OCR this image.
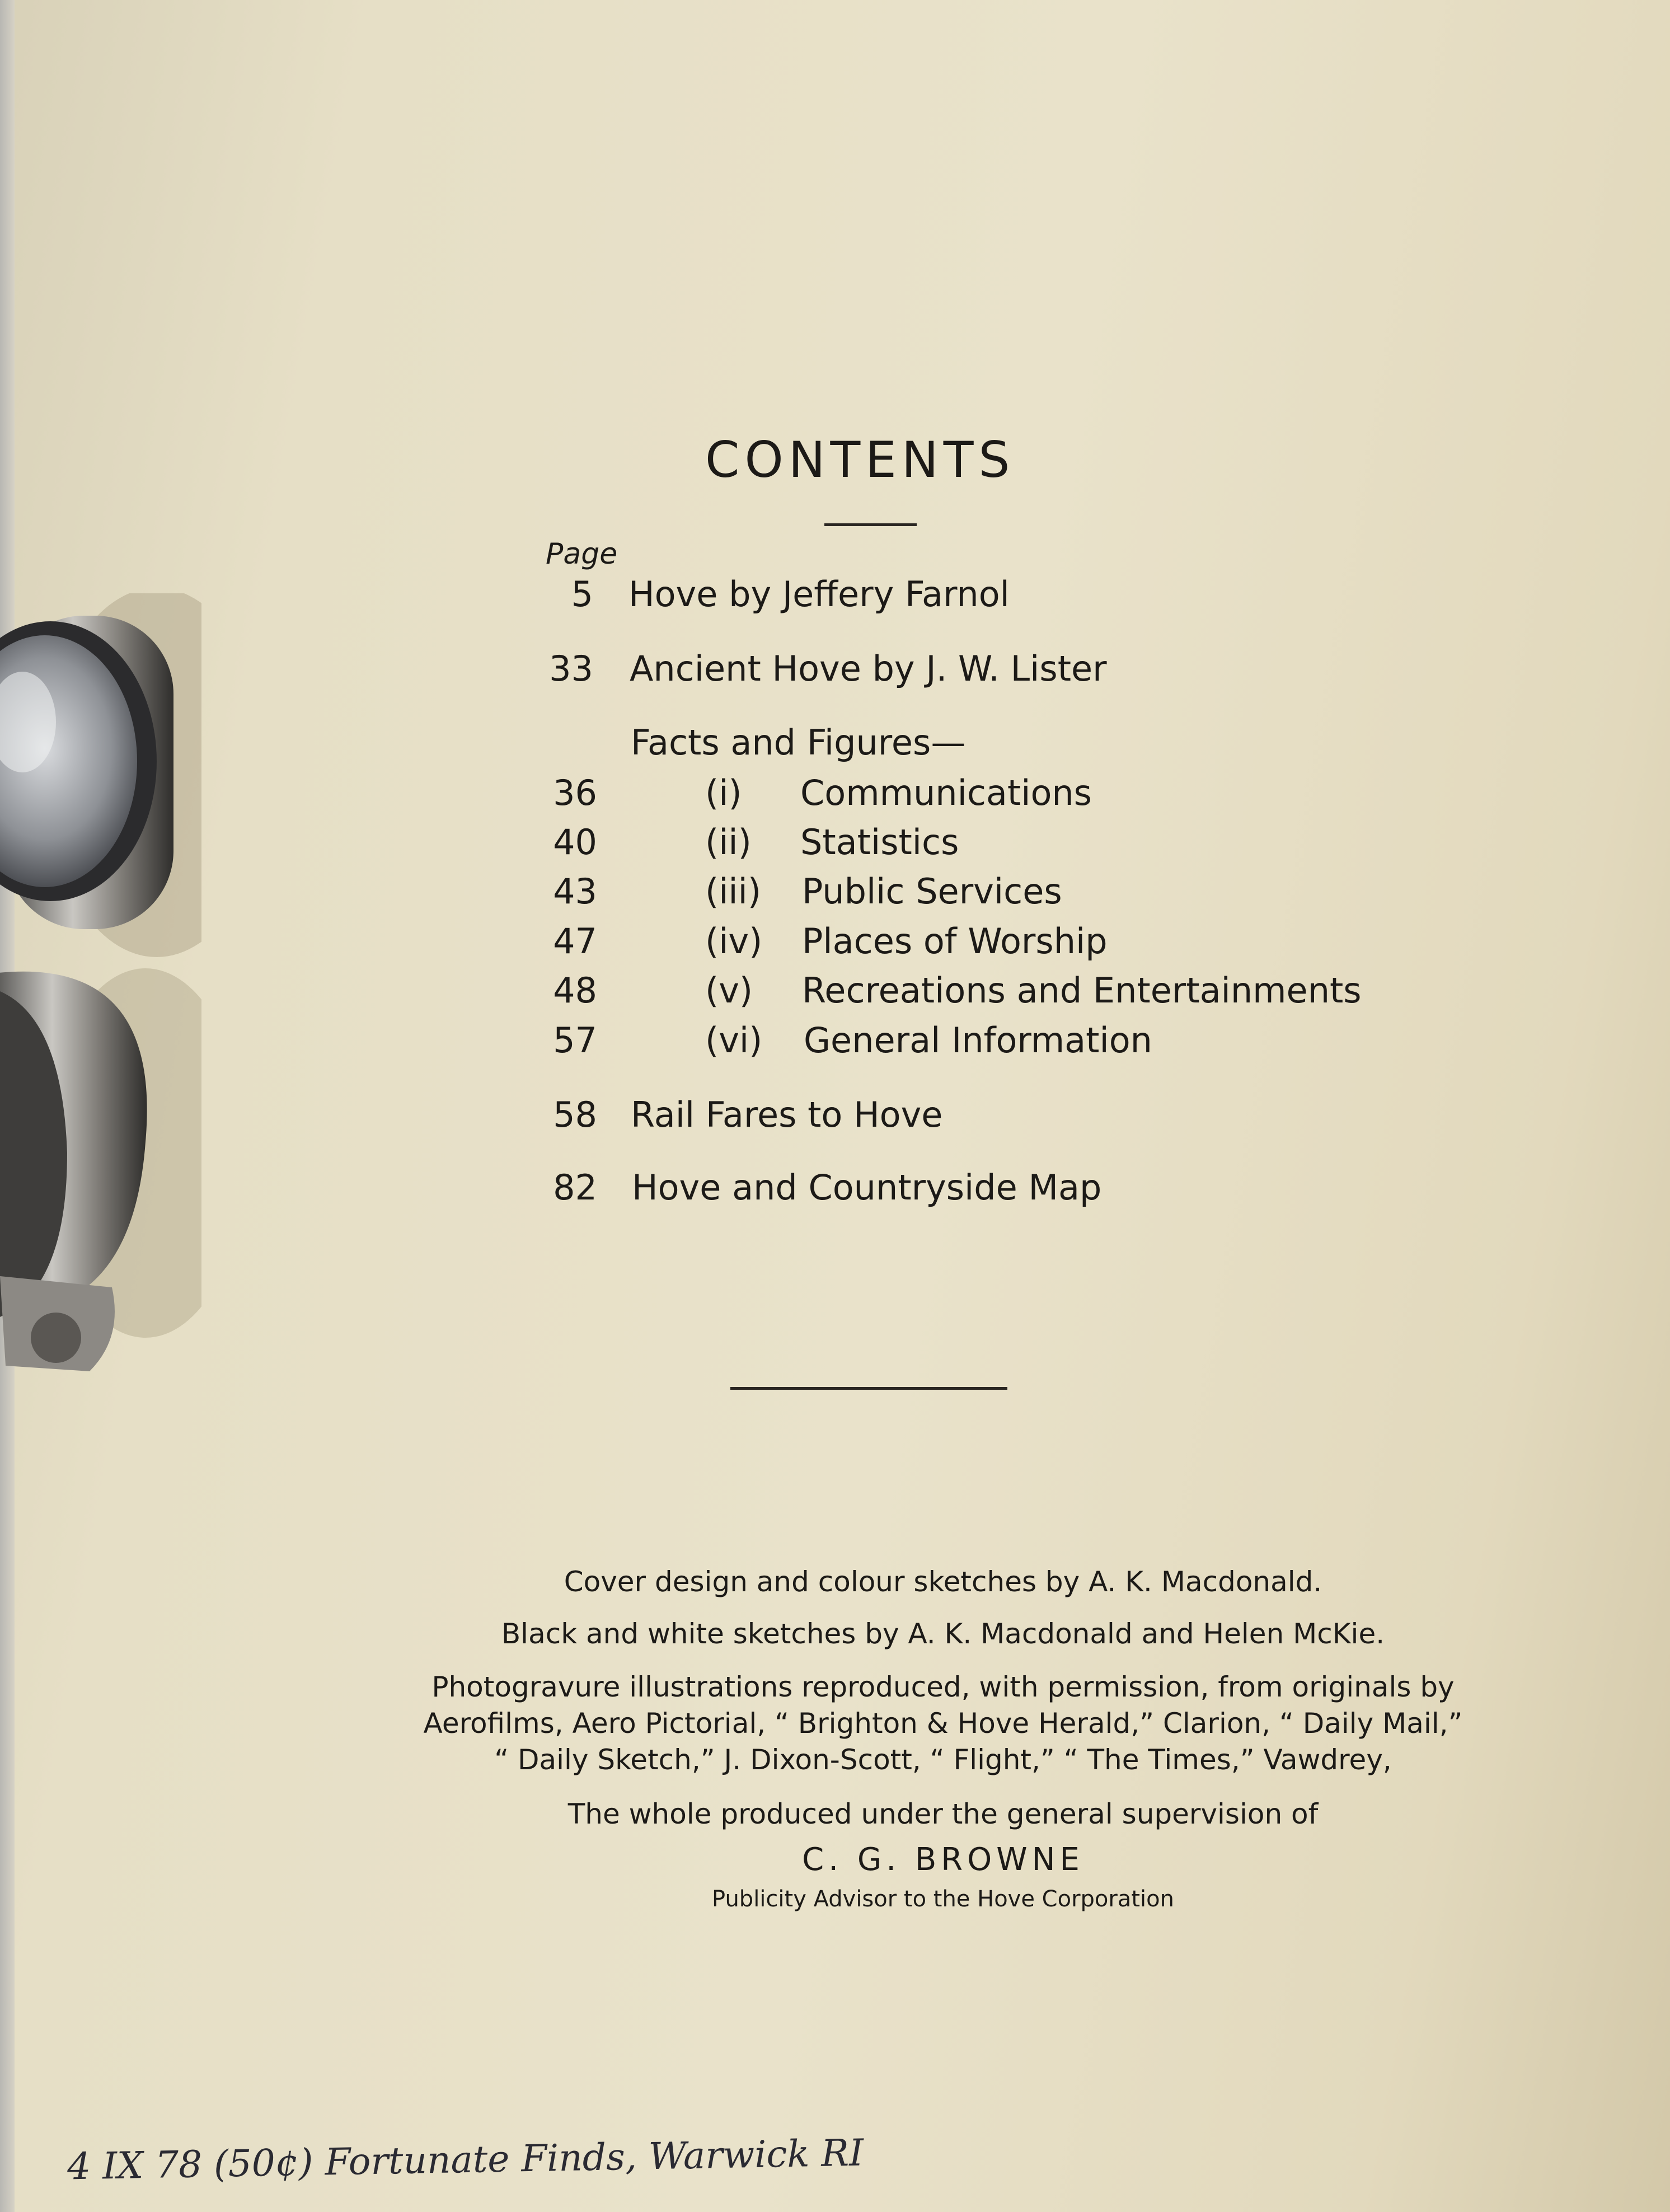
CONTENTS
Page
5 Hove by Jeffery Farnol
33 Ancient Hove by J. W. Lister
Facts and Figures—
36	(i) Communications
40	(ii) Statistics
43	(iii) Public Services
47	(iv) Places of Worship
48	(v) Recreations and Entertainments
57	(vi) General Information
58 Rail Fares to Hove
82 Hove and Countryside Map
Cover design and colour sketches by A. K. Macdonald.
Black and white sketches by A. K. Macdonald and Helen McKie.
Photogravure illustrations reproduced, with permission, from originals by
Aerofilms, Aero Pictorial, “ Brighton & Hove Herald,” Clarion, “ Daily Mail,”
“ Daily Sketch,” J. Dixon-Scott, “ Flight,” “ The Times,” Vawdrey,
The whole produced under the general supervision of
C. G. BROWNE
Publicity Advisor to the Hove Corporation
4 IX 78 (50¢) Fortunate Finds, Warwick RI
